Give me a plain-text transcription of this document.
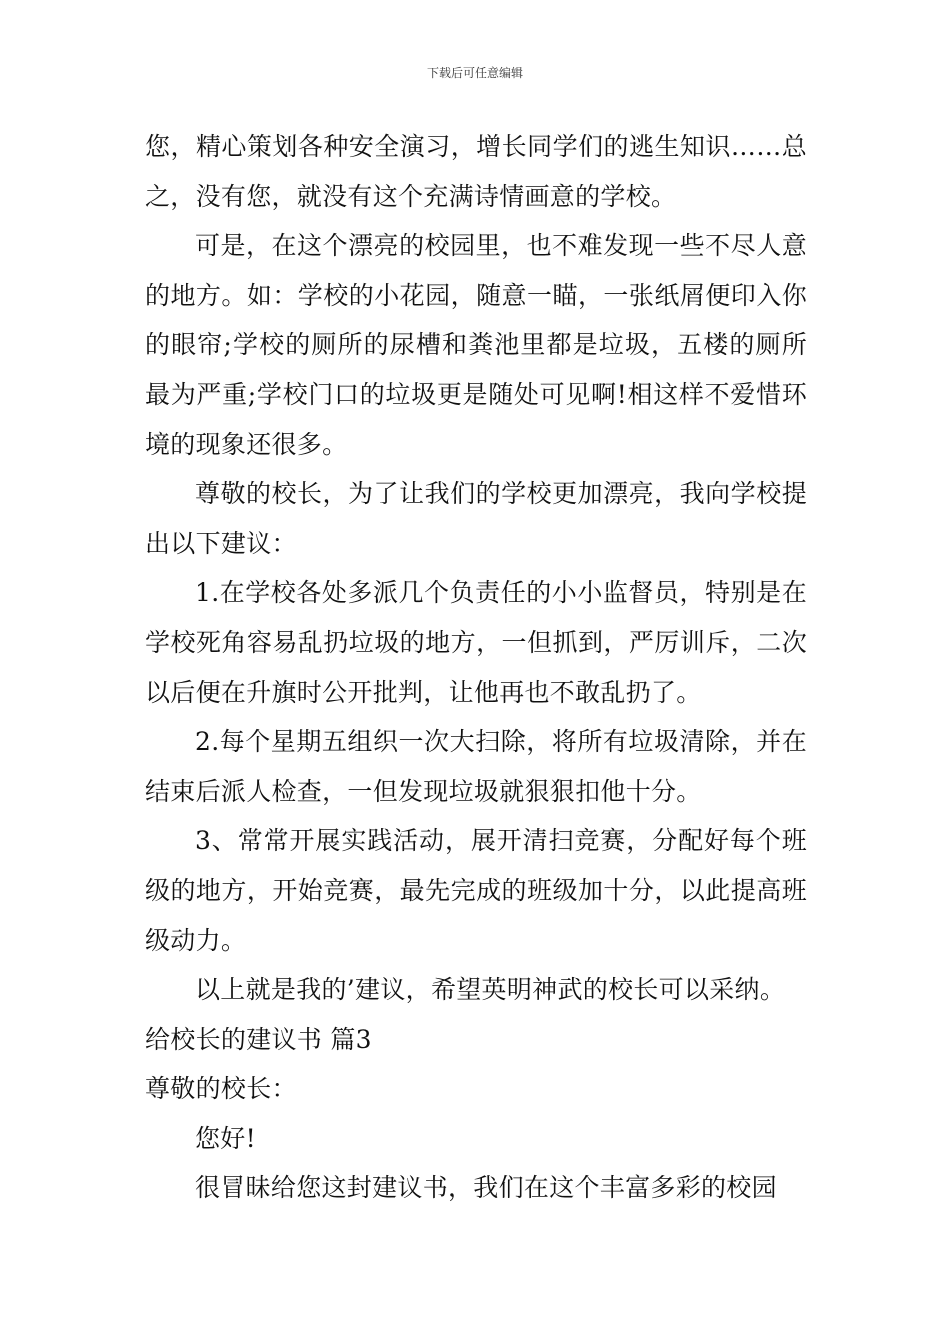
下载后可任意编辑

您，精心策划各种安全演习，增长同学们的逃生知识……总之，没有您，就没有这个充满诗情画意的学校。

可是，在这个漂亮的校园里，也不难发现一些不尽人意的地方。如：学校的小花园，随意一瞄，一张纸屑便印入你的眼帘;学校的厕所的尿槽和粪池里都是垃圾，五楼的厕所最为严重;学校门口的垃圾更是随处可见啊!相这样不爱惜环境的现象还很多。

尊敬的校长，为了让我们的学校更加漂亮，我向学校提出以下建议：

1.在学校各处多派几个负责任的小小监督员，特别是在学校死角容易乱扔垃圾的地方，一但抓到，严厉训斥，二次以后便在升旗时公开批判，让他再也不敢乱扔了。

2.每个星期五组织一次大扫除，将所有垃圾清除，并在结束后派人检查，一但发现垃圾就狠狠扣他十分。

3、常常开展实践活动，展开清扫竞赛，分配好每个班级的地方，开始竞赛，最先完成的班级加十分，以此提高班级动力。

以上就是我的’建议，希望英明神武的校长可以采纳。

给校长的建议书 篇3

尊敬的校长：

您好!

很冒昧给您这封建议书，我们在这个丰富多彩的校园
